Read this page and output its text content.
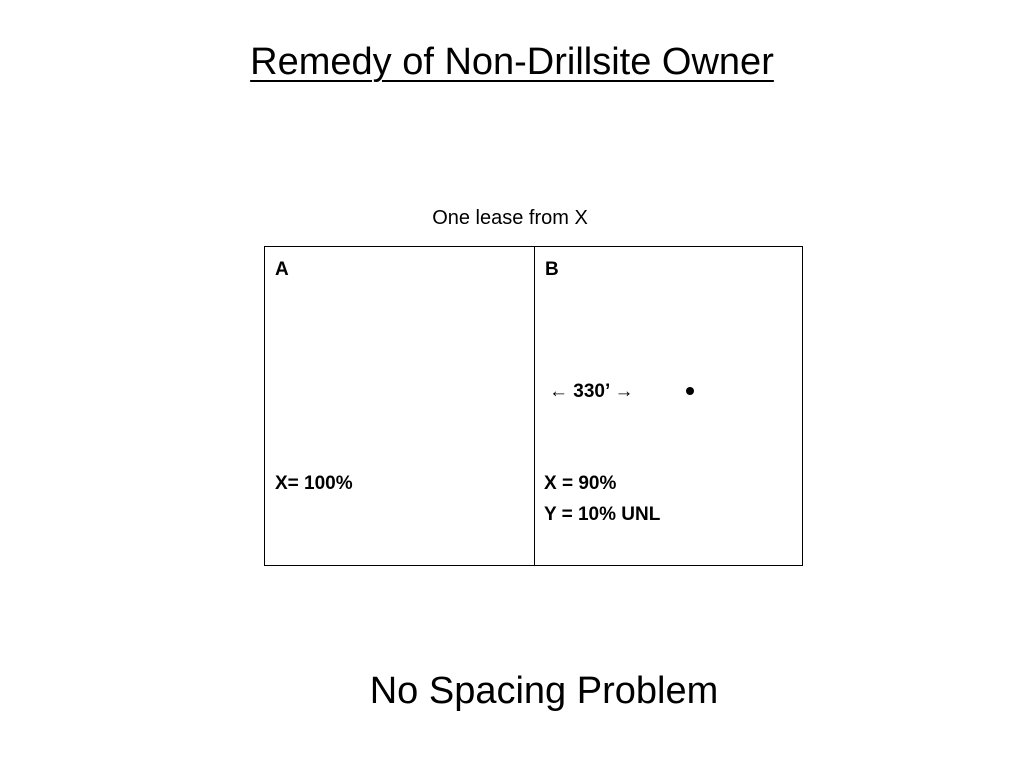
Remedy of Non-Drillsite Owner
One lease from X
A
X= 100%
B
← 330’ →
X = 90%
Y = 10% UNL
No Spacing Problem
